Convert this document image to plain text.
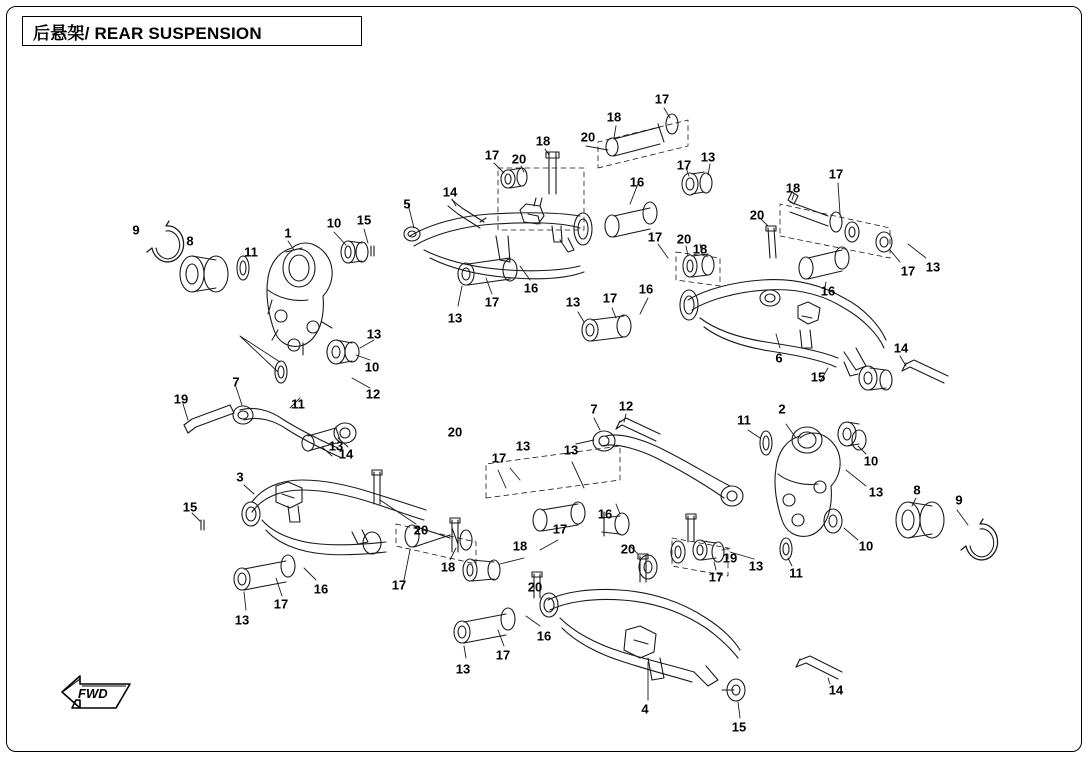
后悬架/ REAR SUSPENSION
FWD
9
8
11
1
10 15
5
14
17 20
18 20
18
17
16
17
13
18
17
20
18
17 20
17 13
16
16
17
13
13
17
16
13
10
12
11
7
19
13
14
6
15
14
2
11
10
13 8
9
10
11
13
19
17
20
12
7
13
17
13
20
3
15
20
16
17
18
18
17
16
17
13
20
16
17
13
4
15
14
